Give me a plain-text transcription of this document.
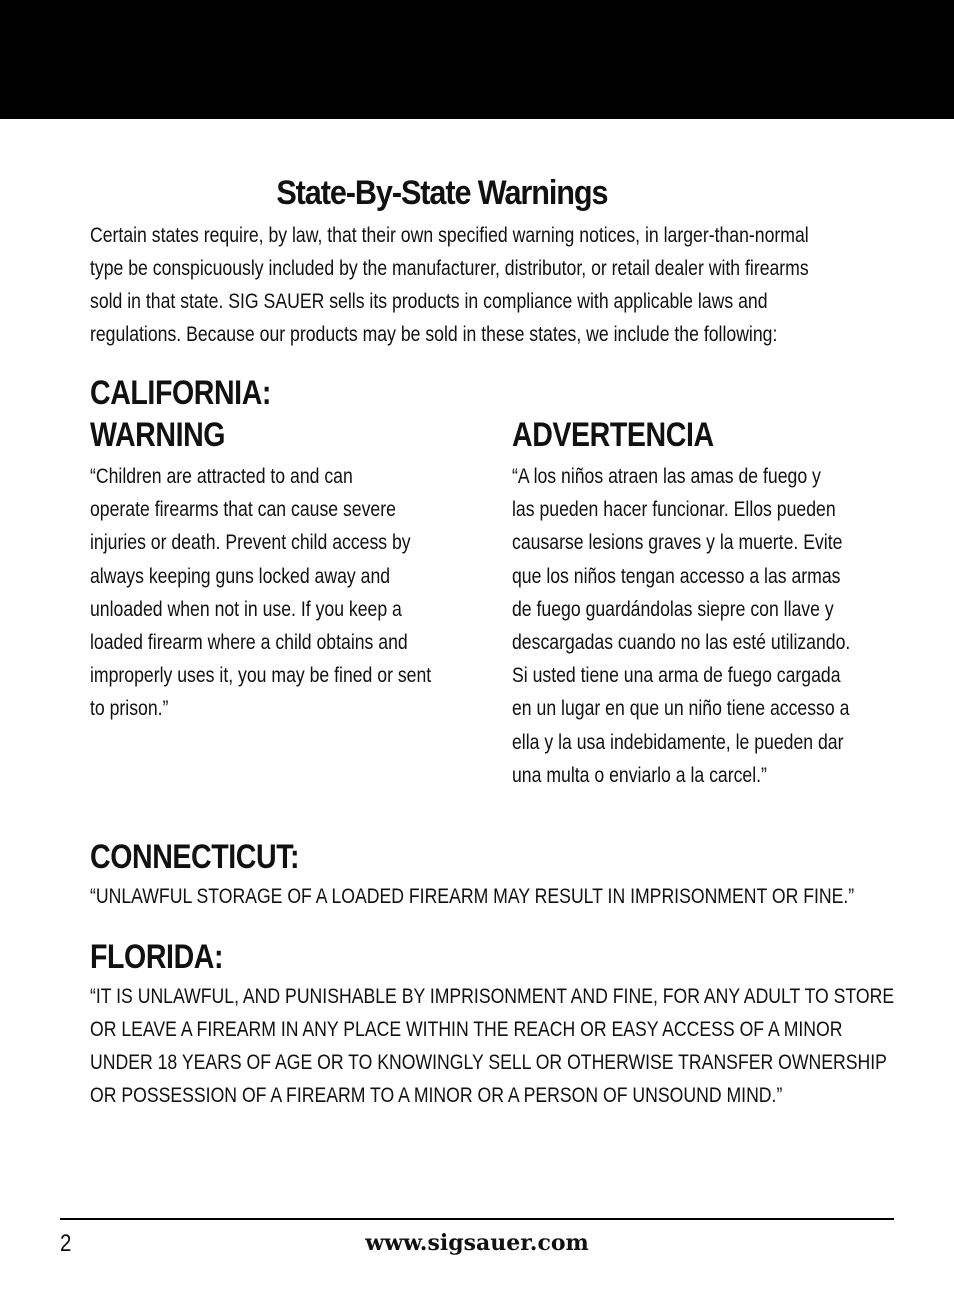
State-By-State Warnings

Certain states require, by law, that their own specified warning notices, in larger-than-normal
type be conspicuously included by the manufacturer, distributor, or retail dealer with firearms
sold in that state. SIG SAUER sells its products in compliance with applicable laws and
regulations. Because our products may be sold in these states, we include the following:

CALIFORNIA:
WARNING

“Children are attracted to and can
operate firearms that can cause severe
injuries or death. Prevent child access by
always keeping guns locked away and
unloaded when not in use. If you keep a
loaded firearm where a child obtains and
improperly uses it, you may be fined or sent
to prison.”

ADVERTENCIA

“A los niños atraen las amas de fuego y
las pueden hacer funcionar. Ellos pueden
causarse lesions graves y la muerte. Evite
que los niños tengan accesso a las armas
de fuego guardándolas siepre con llave y
descargadas cuando no las esté utilizando.
Si usted tiene una arma de fuego cargada
en un lugar en que un niño tiene accesso a
ella y la usa indebidamente, le pueden dar
una multa o enviarlo a la carcel.”

CONNECTICUT:

“UNLAWFUL STORAGE OF A LOADED FIREARM MAY RESULT IN IMPRISONMENT OR FINE.”

FLORIDA:

“IT IS UNLAWFUL, AND PUNISHABLE BY IMPRISONMENT AND FINE, FOR ANY ADULT TO STORE
OR LEAVE A FIREARM IN ANY PLACE WITHIN THE REACH OR EASY ACCESS OF A MINOR
UNDER 18 YEARS OF AGE OR TO KNOWINGLY SELL OR OTHERWISE TRANSFER OWNERSHIP
OR POSSESSION OF A FIREARM TO A MINOR OR A PERSON OF UNSOUND MIND.”

2	www.sigsauer.com
